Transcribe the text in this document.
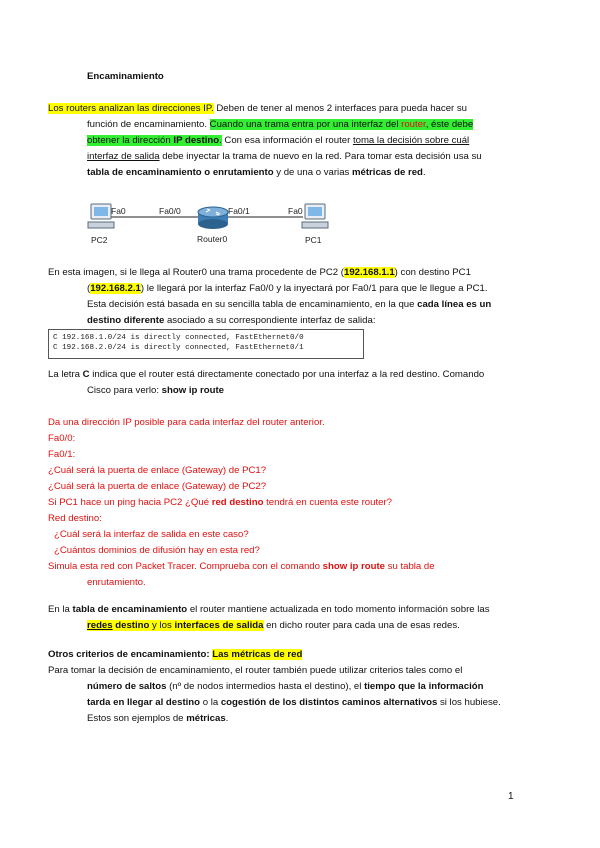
Encaminamiento
Los routers analizan las direcciones IP. Deben de tener al menos 2 interfaces para pueda hacer su
función de encaminamiento. Cuando una trama entra por una interfaz del router, éste debe
obtener la dirección IP destino. Con esa información el router toma la decisión sobre cuál
interfaz de salida debe inyectar la trama de nuevo en la red. Para tomar esta decisión usa su
tabla de encaminamiento o enrutamiento y de una o varias métricas de red.
Fa0	Fa0/0	Fa0/1	Fa0
PC2	Router0	PC1
En esta imagen, si le llega al Router0 una trama procedente de PC2 (192.168.1.1) con destino PC1
(192.168.2.1) le llegará por la interfaz Fa0/0 y la inyectará por Fa0/1 para que le llegue a PC1.
Esta decisión está basada en su sencilla tabla de encaminamiento, en la que cada línea es un
destino diferente asociado a su correspondiente interfaz de salida:
C 192.168.1.0/24 is directly connected, FastEthernet0/0
C 192.168.2.0/24 is directly connected, FastEthernet0/1
La letra C indica que el router está directamente conectado por una interfaz a la red destino. Comando
Cisco para verlo: show ip route
Da una dirección IP posible para cada interfaz del router anterior.
Fa0/0:
Fa0/1:
¿Cuál será la puerta de enlace (Gateway) de PC1?
¿Cuál será la puerta de enlace (Gateway) de PC2?
Si PC1 hace un ping hacia PC2 ¿Qué red destino tendrá en cuenta este router?
Red destino:
¿Cuál será la interfaz de salida en este caso?
¿Cuántos dominios de difusión hay en esta red?
Simula esta red con Packet Tracer. Comprueba con el comando show ip route su tabla de
enrutamiento.
En la tabla de encaminamiento el router mantiene actualizada en todo momento información sobre las
redes destino y los interfaces de salida en dicho router para cada una de esas redes.
Otros criterios de encaminamiento: Las métricas de red
Para tomar la decisión de encaminamiento, el router también puede utilizar criterios tales como el
número de saltos (nº de nodos intermedios hasta el destino), el tiempo que la información
tarda en llegar al destino o la cogestión de los distintos caminos alternativos si los hubiese.
Estos son ejemplos de métricas.
1
